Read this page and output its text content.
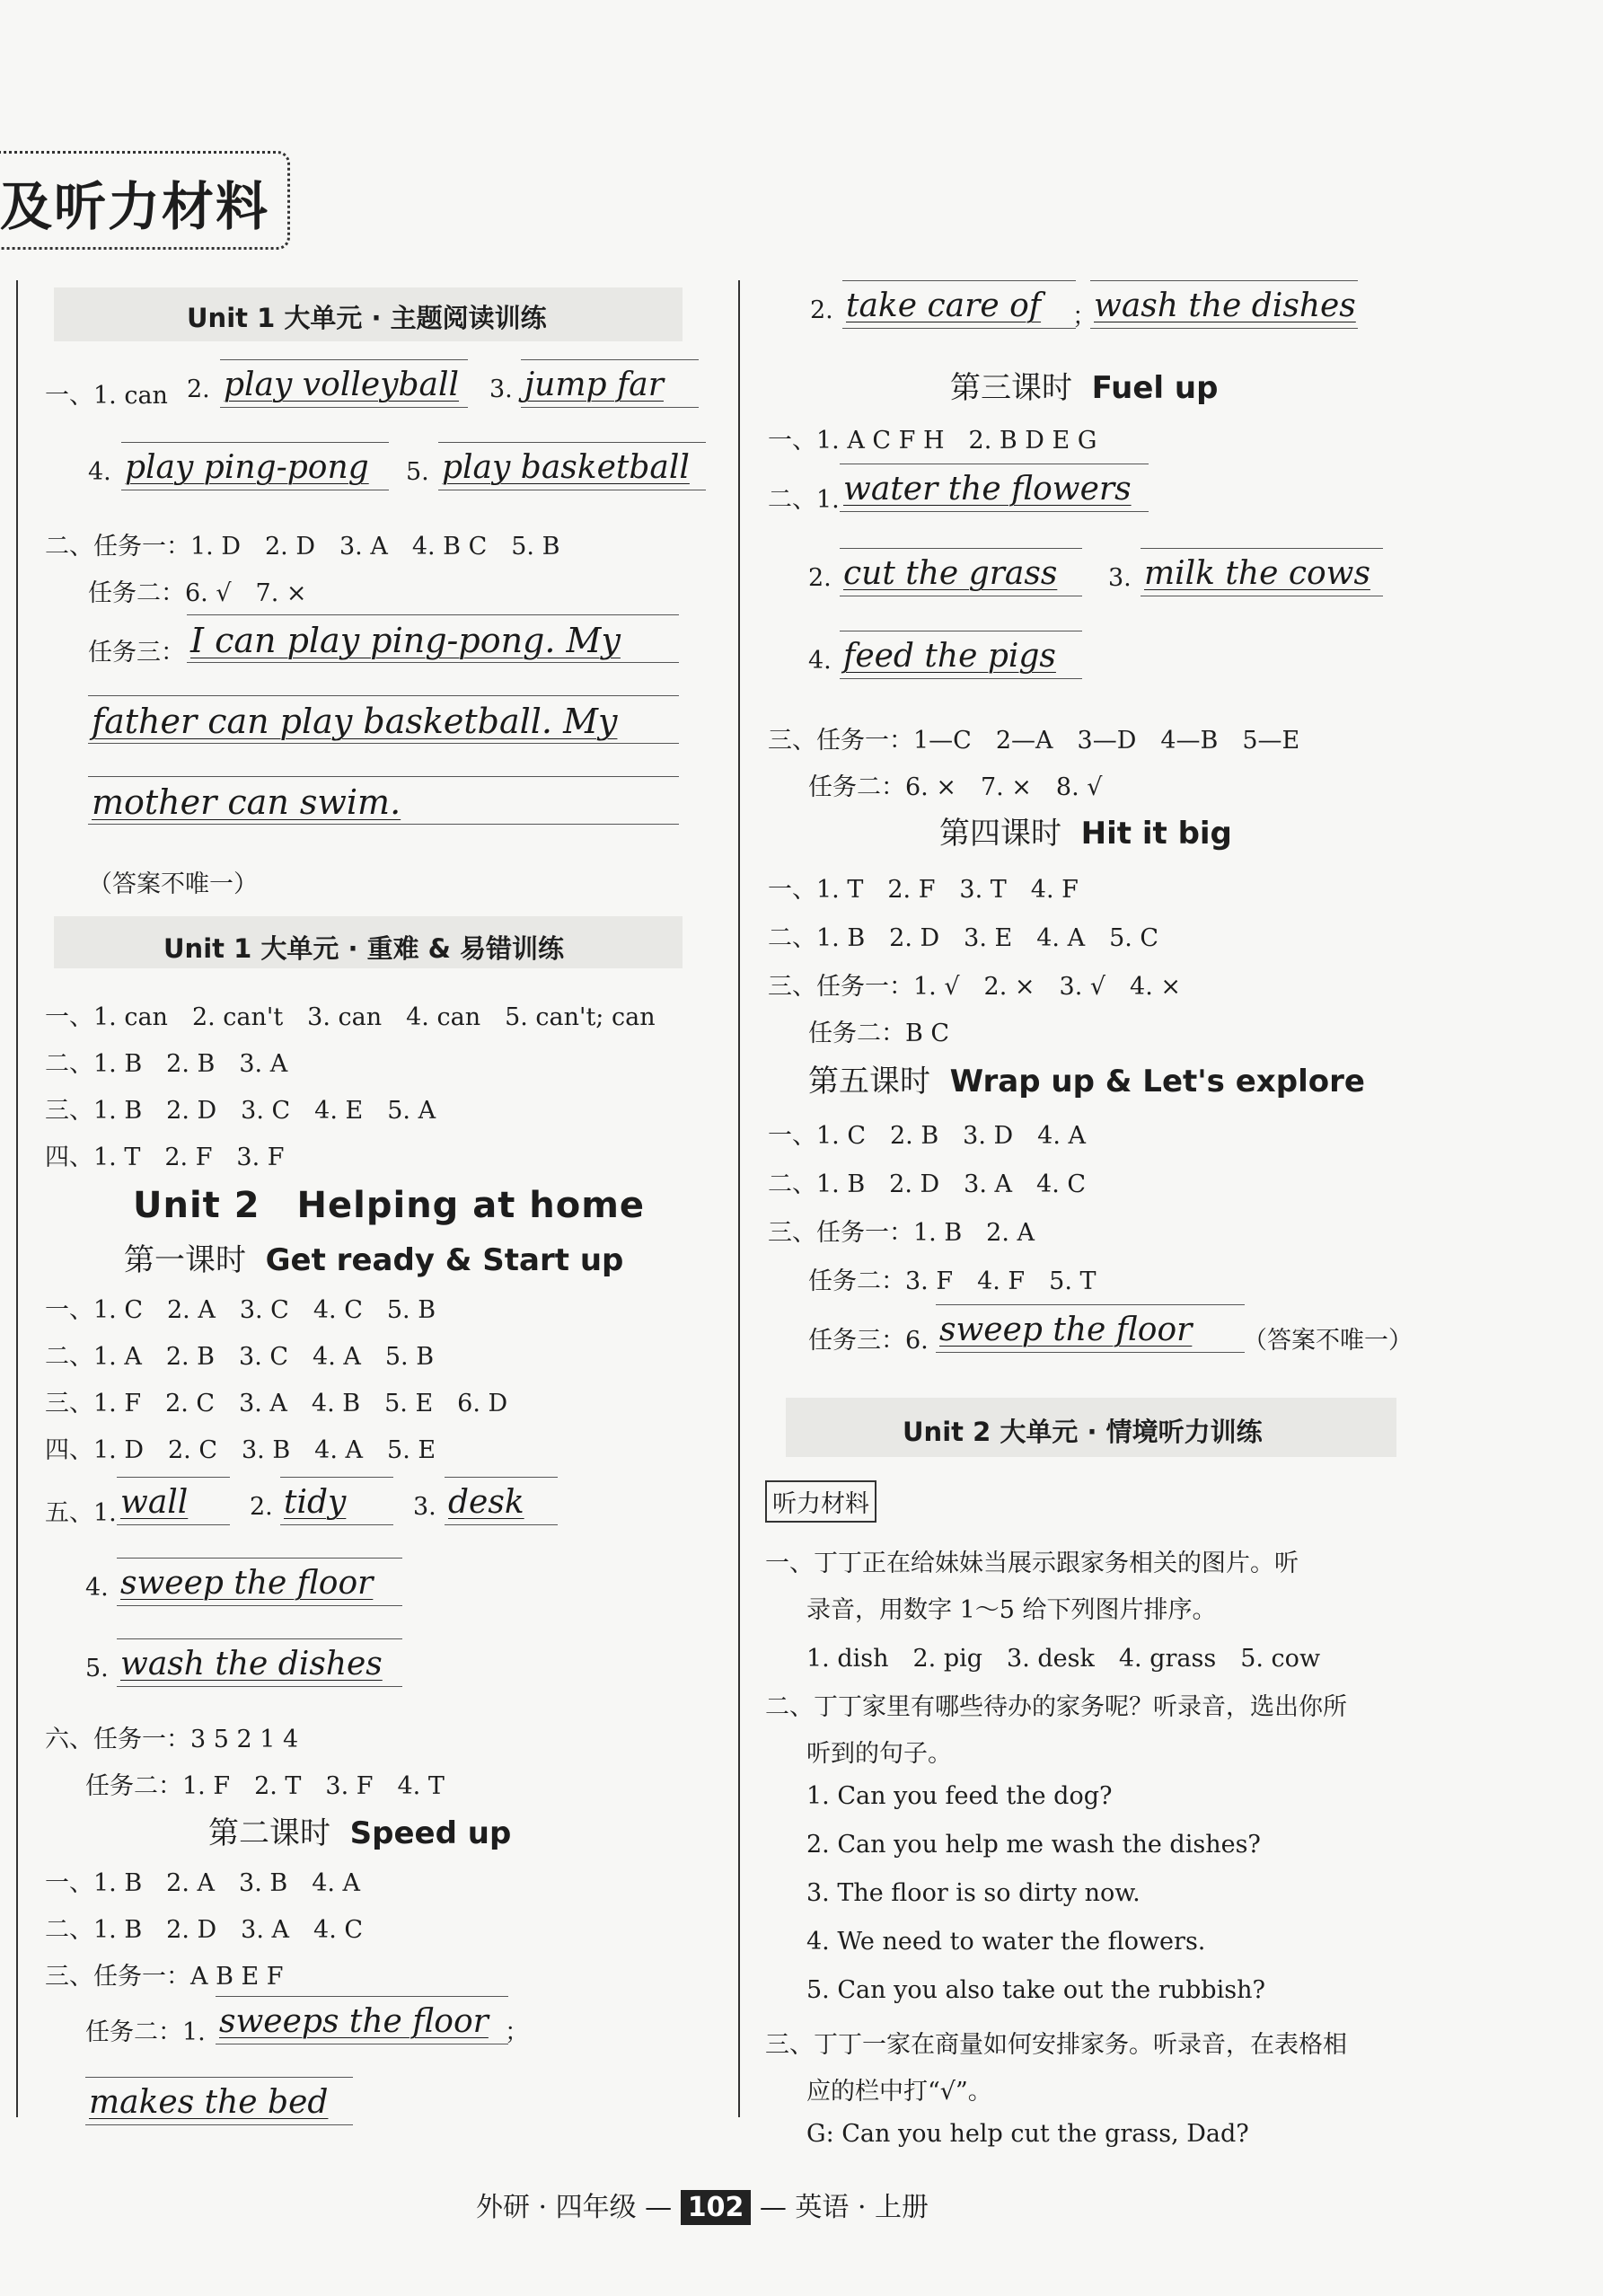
及听力材料
Unit 1 大单元 · 主题阅读训练
一、1. can 2. play volleyball	3. jump far
4. play ping-pong	5. play basketball
二、任务一：1. D　2. D　3. A　4. B C　5. B
任务二：6. √　7. ×
任务三： I can play ping-pong. My
father can play basketball. My
mother can swim.
（答案不唯一）
Unit 1 大单元 · 重难 & 易错训练
一、1. can　2. can't　3. can　4. can　5. can't; can
二、1. B　2. B　3. A
三、1. B　2. D　3. C　4. E　5. A
四、1. T　2. F　3. F
Unit 2　Helping at home
第一课时 Get ready & Start up
一、1. C　2. A　3. C　4. C　5. B
二、1. A　2. B　3. C　4. A　5. B
三、1. F　2. C　3. A　4. B　5. E　6. D
四、1. D　2. C　3. B　4. A　5. E
五、1. wall	2. tidy	3. desk
4. sweep the floor
5. wash the dishes
六、任务一：3 5 2 1 4
任务二：1. F　2. T　3. F　4. T
第二课时 Speed up
一、1. B　2. A　3. B　4. A
二、1. B　2. D　3. A　4. C
三、任务一：A B E F
任务二：1. sweeps the floor ；
makes the bed
2. take care of	；
wash the dishes
第三课时 Fuel up
一、1. A C F H　2. B D E G
二、1. water the flowers
2. cut the grass	3. milk the cows
4. feed the pigs
三、任务一：1—C　2—A　3—D　4—B　5—E
任务二：6. ×　7. ×　8. √
第四课时 Hit it big
一、1. T　2. F　3. T　4. F
二、1. B　2. D　3. E　4. A　5. C
三、任务一：1. √　2. ×　3. √　4. ×
任务二：B C
第五课时 Wrap up & Let's explore
一、1. C　2. B　3. D　4. A
二、1. B　2. D　3. A　4. C
三、任务一：1. B　2. A
任务二：3. F　4. F　5. T
任务三：6. sweep the floor	（答案不唯一）
Unit 2 大单元 · 情境听力训练
听力材料
一、丁丁正在给妹妹当展示跟家务相关的图片。听
录音，用数字 1～5 给下列图片排序。
1. dish　2. pig　3. desk　4. grass　5. cow
二、丁丁家里有哪些待办的家务呢？听录音，选出你所
听到的句子。
1. Can you feed the dog?
2. Can you help me wash the dishes?
3. The floor is so dirty now.
4. We need to water the flowers.
5. Can you also take out the rubbish?
三、丁丁一家在商量如何安排家务。听录音，在表格相
应的栏中打“√”。
G: Can you help cut the grass, Dad?
外研 · 四年级 — 102 — 英语 · 上册
